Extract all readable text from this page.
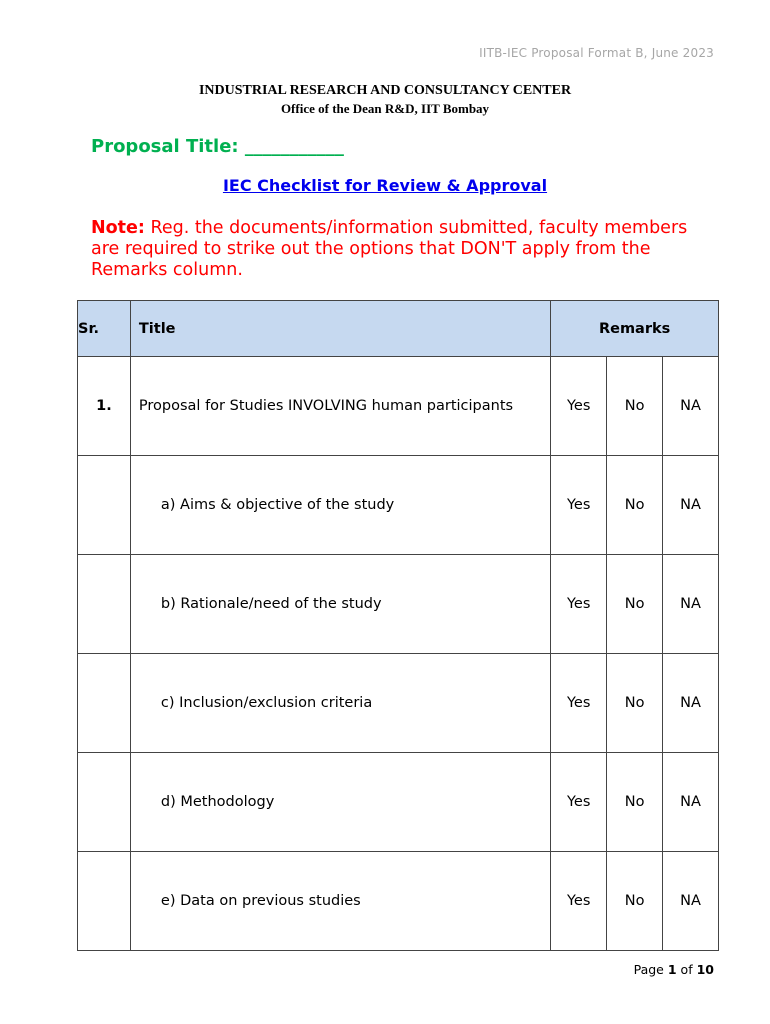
IITB-IEC Proposal Format B, June 2023
INDUSTRIAL RESEARCH AND CONSULTANCY CENTER
Office of the Dean R&D, IIT Bombay
Proposal Title: ___________
IEC Checklist for Review & Approval
Note: Reg. the documents/information submitted, faculty members are required to strike out the options that DON'T apply from the Remarks column.
Sr.	Title	Remarks		
1.	Proposal for Studies INVOLVING human participants	Yes	No	NA
	a) Aims & objective of the study	Yes	No	NA
	b) Rationale/need of the study	Yes	No	NA
	c) Inclusion/exclusion criteria	Yes	No	NA
	d) Methodology	Yes	No	NA
	e) Data on previous studies	Yes	No	NA
Page 1 of 10
